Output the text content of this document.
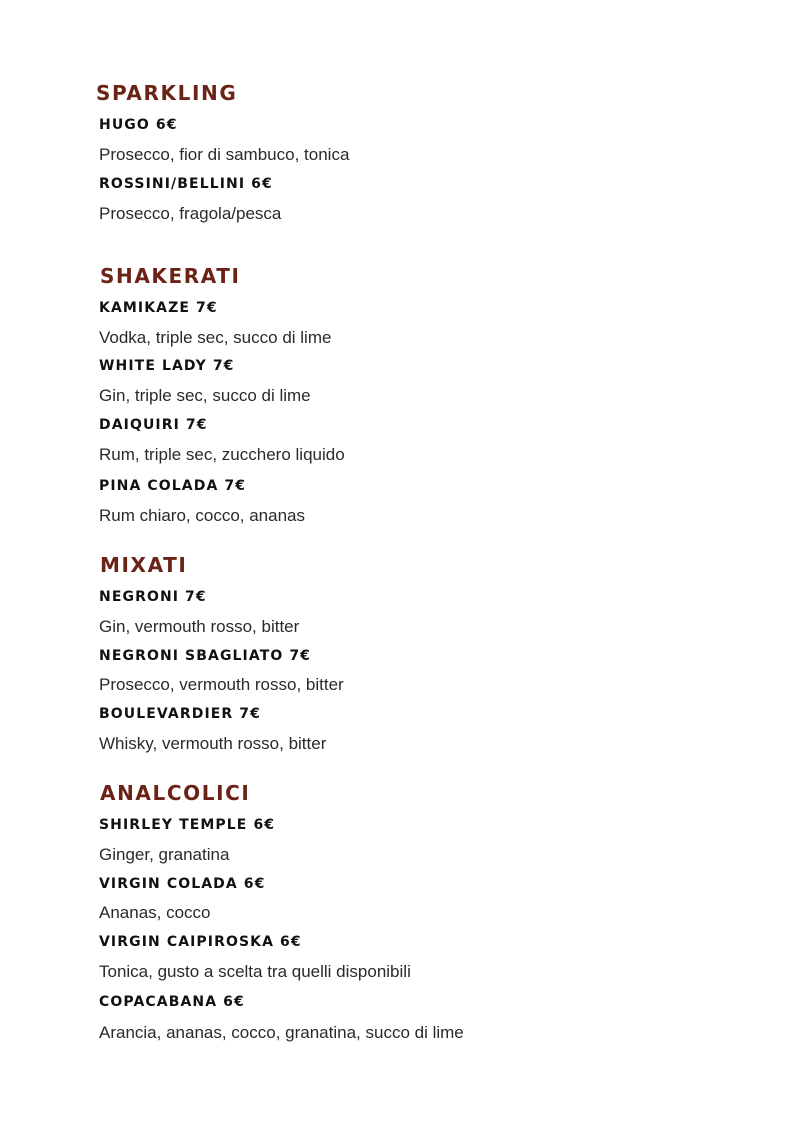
SPARKLING
HUGO 6€
Prosecco, fior di sambuco, tonica
ROSSINI/BELLINI 6€
Prosecco, fragola/pesca
SHAKERATI
KAMIKAZE 7€
Vodka, triple sec, succo di lime
WHITE LADY 7€
Gin, triple sec, succo di lime
DAIQUIRI 7€
Rum, triple sec, zucchero liquido
PINA COLADA 7€
Rum chiaro, cocco, ananas
MIXATI
NEGRONI 7€
Gin, vermouth rosso, bitter
NEGRONI SBAGLIATO 7€
Prosecco, vermouth rosso, bitter
BOULEVARDIER 7€
Whisky, vermouth rosso, bitter
ANALCOLICI
SHIRLEY TEMPLE 6€
Ginger, granatina
VIRGIN COLADA 6€
Ananas, cocco
VIRGIN CAIPIROSKA 6€
Tonica, gusto a scelta tra quelli disponibili
COPACABANA 6€
Arancia, ananas, cocco, granatina, succo di lime
